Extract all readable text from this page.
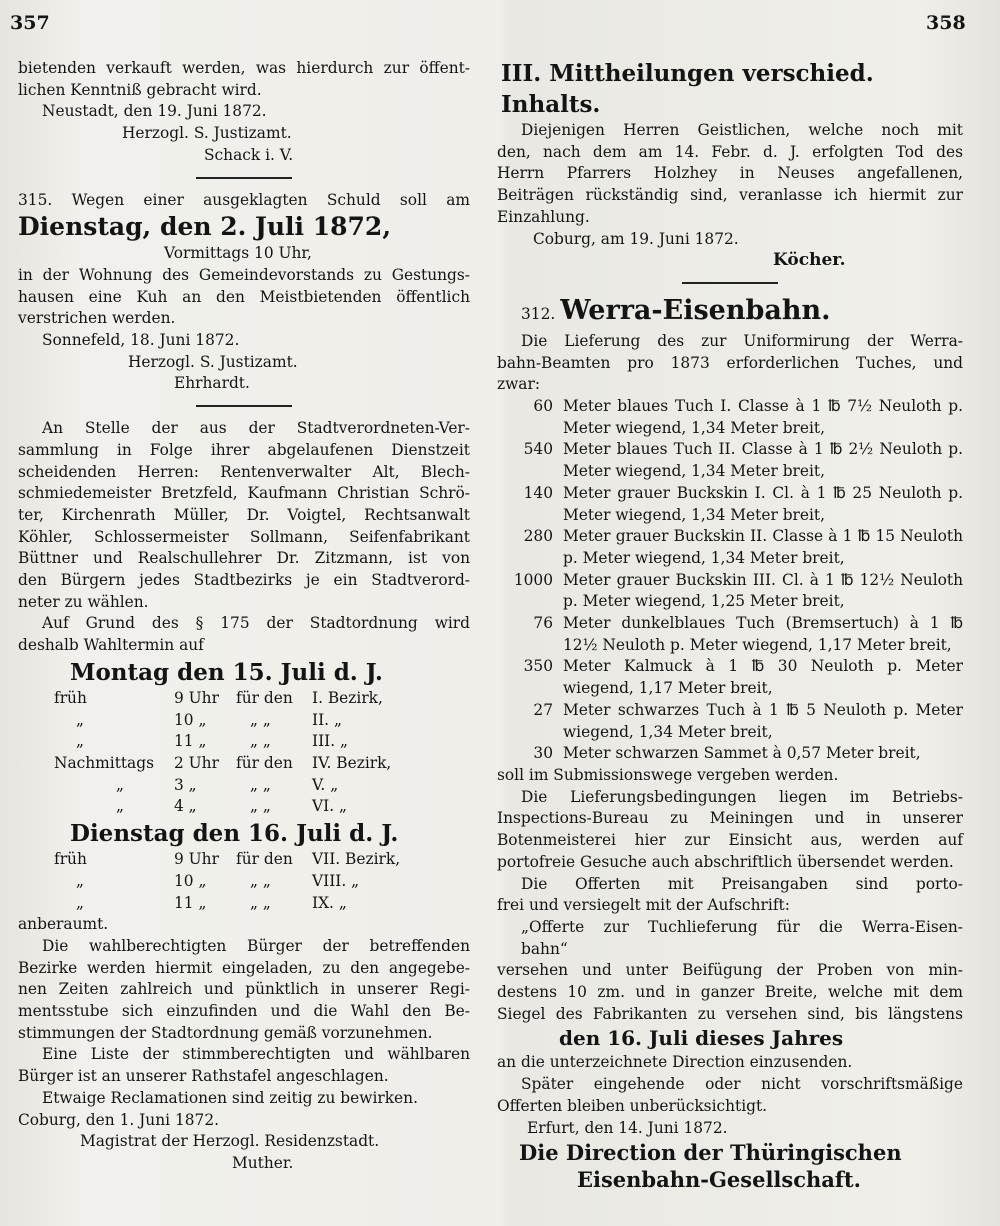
357	358

bietenden verkauft werden, was hierdurch zur öffent-

lichen Kenntniß gebracht wird.

Neustadt, den 19. Juni 1872.

Herzogl. S. Justizamt.

Schack i. V.

315. Wegen einer ausgeklagten Schuld soll am

Dienstag, den 2. Juli 1872,

Vormittags 10 Uhr,

in der Wohnung des Gemeindevorstands zu Gestungs-

hausen eine Kuh an den Meistbietenden öffentlich

verstrichen werden.

Sonnefeld, 18. Juni 1872.

Herzogl. S. Justizamt.

Ehrhardt.

An Stelle der aus der Stadtverordneten-Ver-

sammlung in Folge ihrer abgelaufenen Dienstzeit

scheidenden Herren: Rentenverwalter Alt, Blech-

schmiedemeister Bretzfeld, Kaufmann Christian Schrö-

ter, Kirchenrath Müller, Dr. Voigtel, Rechtsanwalt

Köhler, Schlossermeister Sollmann, Seifenfabrikant

Büttner und Realschullehrer Dr. Zitzmann, ist von

den Bürgern jedes Stadtbezirks je ein Stadtverord-

neter zu wählen.

Auf Grund des § 175 der Stadtordnung wird

deshalb Wahltermin auf

Montag den 15. Juli d. J.

früh	9 Uhr	für den	I. Bezirk,
„	10 „	„ „	II. „
„	11 „	„ „	III. „
Nachmittags	2 Uhr	für den	IV. Bezirk,
„	3 „	„ „	V. „
„	4 „	„ „	VI. „

Dienstag den 16. Juli d. J.

früh	9 Uhr	für den	VII. Bezirk,
„	10 „	„ „	VIII. „
„	11 „	„ „	IX. „

anberaumt.

Die wahlberechtigten Bürger der betreffenden

Bezirke werden hiermit eingeladen, zu den angegebe-

nen Zeiten zahlreich und pünktlich in unserer Regi-

mentsstube sich einzufinden und die Wahl den Be-

stimmungen der Stadtordnung gemäß vorzunehmen.

Eine Liste der stimmberechtigten und wählbaren

Bürger ist an unserer Rathstafel angeschlagen.

Etwaige Reclamationen sind zeitig zu bewirken.

Coburg, den 1. Juni 1872.

Magistrat der Herzogl. Residenzstadt.

Muther.

III. Mittheilungen verschied. Inhalts.

Diejenigen Herren Geistlichen, welche noch mit

den, nach dem am 14. Febr. d. J. erfolgten Tod des

Herrn Pfarrers Holzhey in Neuses angefallenen,

Beiträgen rückständig sind, veranlasse ich hiermit zur

Einzahlung.

Coburg, am 19. Juni 1872.

Köcher.

312. Werra-Eisenbahn.

Die Lieferung des zur Uniformirung der Werra-

bahn-Beamten pro 1873 erforderlichen Tuches, und

zwar:

60	Meter blaues Tuch I. Classe à 1 ℔ 7½ Neuloth p. Meter wiegend, 1,34 Meter breit,
540	Meter blaues Tuch II. Classe à 1 ℔ 2½ Neuloth p. Meter wiegend, 1,34 Meter breit,
140	Meter grauer Buckskin I. Cl. à 1 ℔ 25 Neuloth p. Meter wiegend, 1,34 Meter breit,
280	Meter grauer Buckskin II. Classe à 1 ℔ 15 Neuloth p. Meter wiegend, 1,34 Meter breit,
1000	Meter grauer Buckskin III. Cl. à 1 ℔ 12½ Neuloth p. Meter wiegend, 1,25 Meter breit,
76	Meter dunkelblaues Tuch (Bremsertuch) à 1 ℔ 12½ Neuloth p. Meter wiegend, 1,17 Meter breit,
350	Meter Kalmuck à 1 ℔ 30 Neuloth p. Meter wiegend, 1,17 Meter breit,
27	Meter schwarzes Tuch à 1 ℔ 5 Neuloth p. Meter wiegend, 1,34 Meter breit,
30	Meter schwarzen Sammet à 0,57 Meter breit,

soll im Submissionswege vergeben werden.

Die Lieferungsbedingungen liegen im Betriebs-

Inspections-Bureau zu Meiningen und in unserer

Botenmeisterei hier zur Einsicht aus, werden auf

portofreie Gesuche auch abschriftlich übersendet werden.

Die Offerten mit Preisangaben sind porto-

frei und versiegelt mit der Aufschrift:

„Offerte zur Tuchlieferung für die Werra-Eisen-

bahn“

versehen und unter Beifügung der Proben von min-

destens 10 zm. und in ganzer Breite, welche mit dem

Siegel des Fabrikanten zu versehen sind, bis längstens

den 16. Juli dieses Jahres

an die unterzeichnete Direction einzusenden.

Später eingehende oder nicht vorschriftsmäßige

Offerten bleiben unberücksichtigt.

Erfurt, den 14. Juni 1872.

Die Direction der Thüringischen

Eisenbahn-Gesellschaft.
